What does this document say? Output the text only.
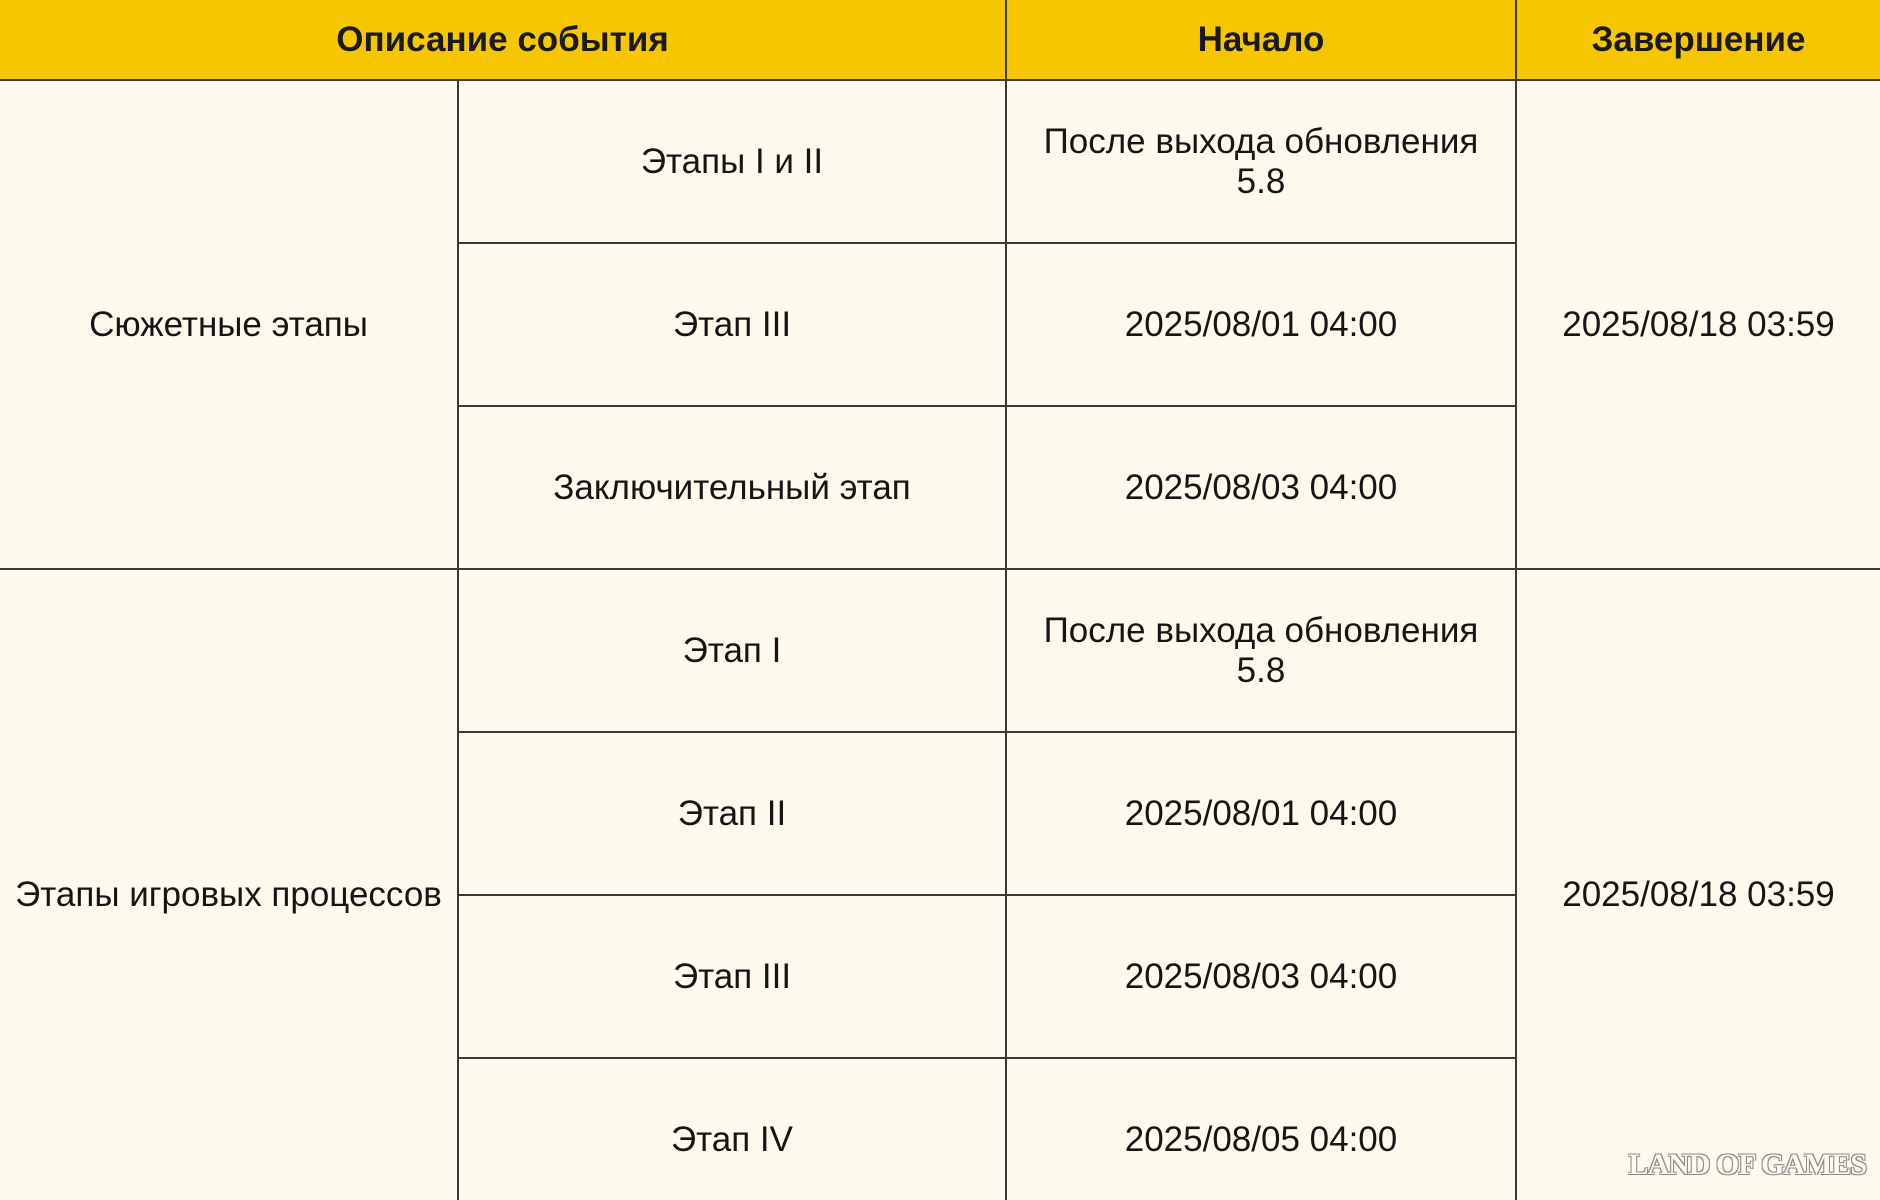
Описание события		Начало	Завершение
Сюжетные этапы	Этапы I и II	После выхода обновления 5.8	2025/08/18 03:59
	Этап III	2025/08/01 04:00	
	Заключительный этап	2025/08/03 04:00	
Этапы игровых процессов	Этап I	После выхода обновления 5.8	2025/08/18 03:59
	Этап II	2025/08/01 04:00	
	Этап III	2025/08/03 04:00	
	Этап IV	2025/08/05 04:00	
LAND OF GAMES
